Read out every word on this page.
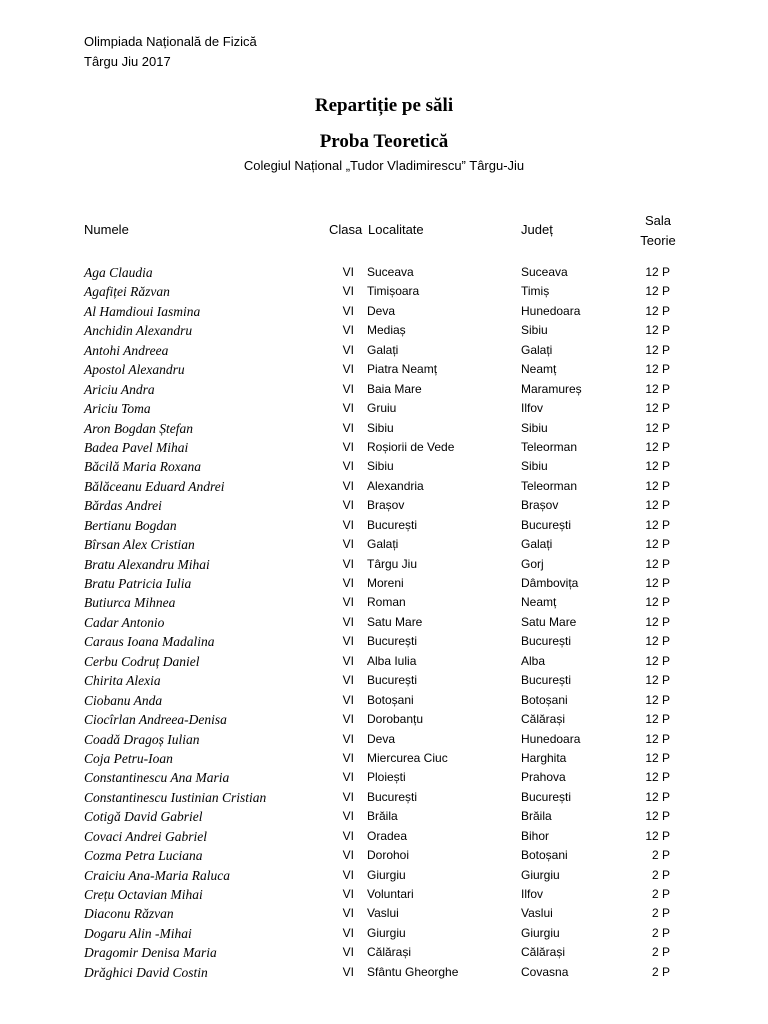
Olimpiada Națională de Fizică
Târgu Jiu 2017
Repartiție pe săli
Proba Teoretică
Colegiul Național „Tudor Vladimirescu” Târgu-Jiu
Numele	Clasa Localitate	Județ
Sala
Teorie
Aga Claudia	VI Suceava	Suceava	12 P
Agafiței Răzvan	VI Timișoara	Timiș	12 P
Al Hamdioui Iasmina	VI Deva	Hunedoara	12 P
Anchidin Alexandru	VI Mediaș	Sibiu	12 P
Antohi Andreea	VI Galați	Galați	12 P
Apostol Alexandru	VI Piatra Neamț	Neamț	12 P
Ariciu Andra	VI Baia Mare	Maramureș	12 P
Ariciu Toma	VI Gruiu	Ilfov	12 P
Aron Bogdan Ștefan	VI Sibiu	Sibiu	12 P
Badea Pavel Mihai	VI Roșiorii de Vede	Teleorman	12 P
Băcilă Maria Roxana	VI Sibiu	Sibiu	12 P
Bălăceanu Eduard Andrei	VI Alexandria	Teleorman	12 P
Bărdas Andrei	VI Brașov	Brașov	12 P
Bertianu Bogdan	VI București	București	12 P
Bîrsan Alex Cristian	VI Galați	Galați	12 P
Bratu Alexandru Mihai	VI Târgu Jiu	Gorj	12 P
Bratu Patricia Iulia	VI Moreni	Dâmbovița	12 P
Butiurca Mihnea	VI Roman	Neamț	12 P
Cadar Antonio	VI Satu Mare	Satu Mare	12 P
Caraus Ioana Madalina	VI București	București	12 P
Cerbu Codruț Daniel	VI Alba Iulia	Alba	12 P
Chirita Alexia	VI București	București	12 P
Ciobanu Anda	VI Botoșani	Botoșani	12 P
Ciocîrlan Andreea-Denisa	VI Dorobanțu	Călărași	12 P
Coadă Dragoș Iulian	VI Deva	Hunedoara	12 P
Coja Petru-Ioan	VI Miercurea Ciuc	Harghita	12 P
Constantinescu Ana Maria	VI Ploiești	Prahova	12 P
Constantinescu Iustinian Cristian	VI București	București	12 P
Cotigă David Gabriel	VI Brăila	Brăila	12 P
Covaci Andrei Gabriel	VI Oradea	Bihor	12 P
Cozma Petra Luciana	VI Dorohoi	Botoșani	2 P
Craiciu Ana-Maria Raluca	VI Giurgiu	Giurgiu	2 P
Crețu Octavian Mihai	VI Voluntari	Ilfov	2 P
Diaconu Răzvan	VI Vaslui	Vaslui	2 P
Dogaru Alin -Mihai	VI Giurgiu	Giurgiu	2 P
Dragomir Denisa Maria	VI Călărași	Călărași	2 P
Drăghici David Costin	VI Sfântu Gheorghe	Covasna	2 P
